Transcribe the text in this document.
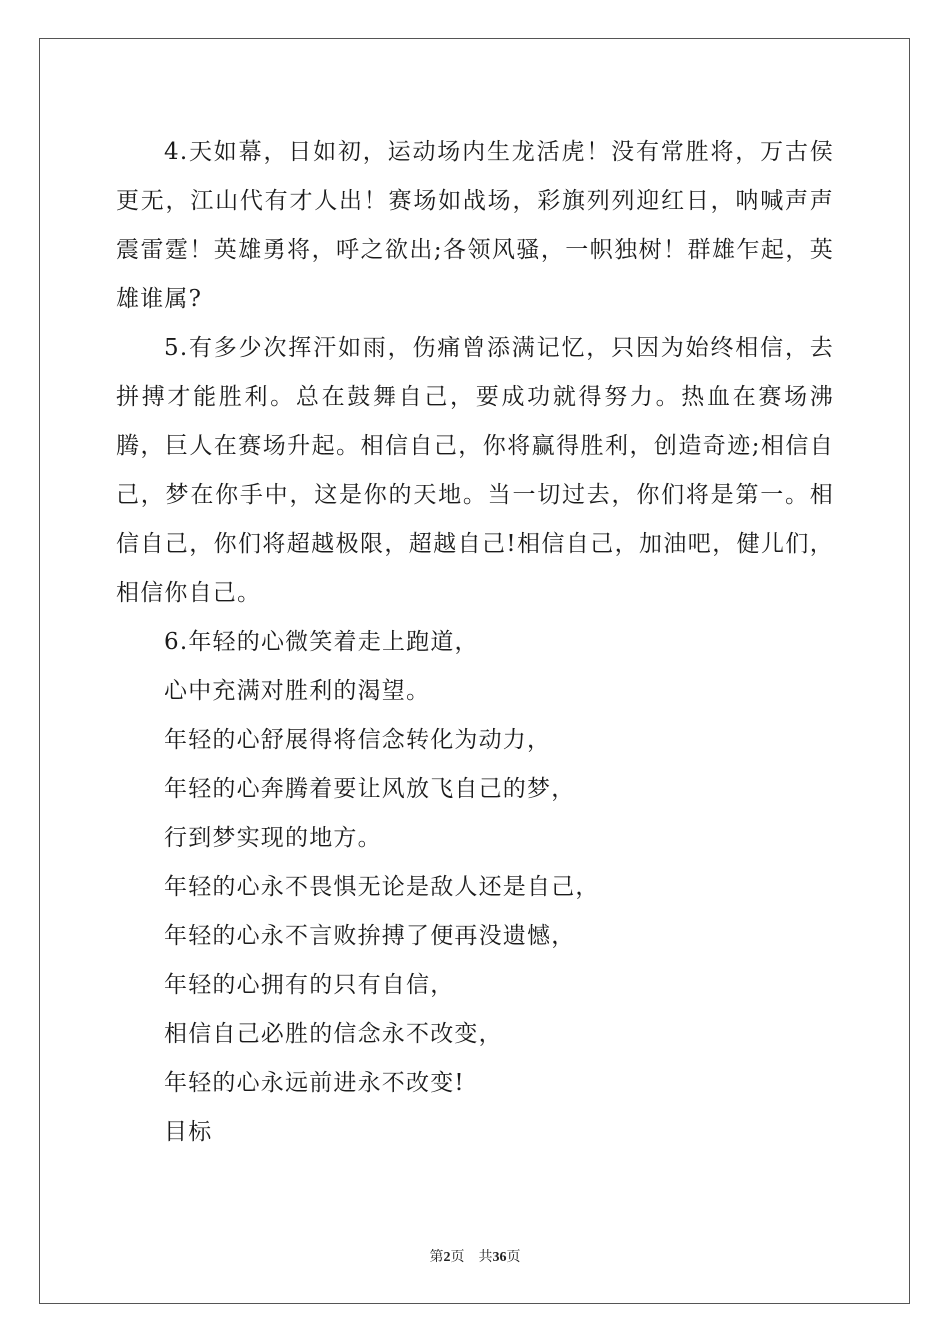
4.天如幕，日如初，运动场内生龙活虎！没有常胜将，万古侯更无，江山代有才人出！赛场如战场，彩旗列列迎红日，呐喊声声震雷霆！英雄勇将，呼之欲出;各领风骚，一帜独树！群雄乍起，英雄谁属?

5.有多少次挥汗如雨，伤痛曾添满记忆，只因为始终相信，去拼搏才能胜利。总在鼓舞自己，要成功就得努力。热血在赛场沸腾，巨人在赛场升起。相信自己，你将赢得胜利，创造奇迹;相信自己，梦在你手中，这是你的天地。当一切过去，你们将是第一。相信自己，你们将超越极限，超越自己!相信自己，加油吧，健儿们，相信你自己。

6.年轻的心微笑着走上跑道，

心中充满对胜利的渴望。

年轻的心舒展得将信念转化为动力，

年轻的心奔腾着要让风放飞自己的梦，

行到梦实现的地方。

年轻的心永不畏惧无论是敌人还是自己，

年轻的心永不言败拚搏了便再没遗憾，

年轻的心拥有的只有自信，

相信自己必胜的信念永不改变，

年轻的心永远前进永不改变!

目标

第2页 共36页
